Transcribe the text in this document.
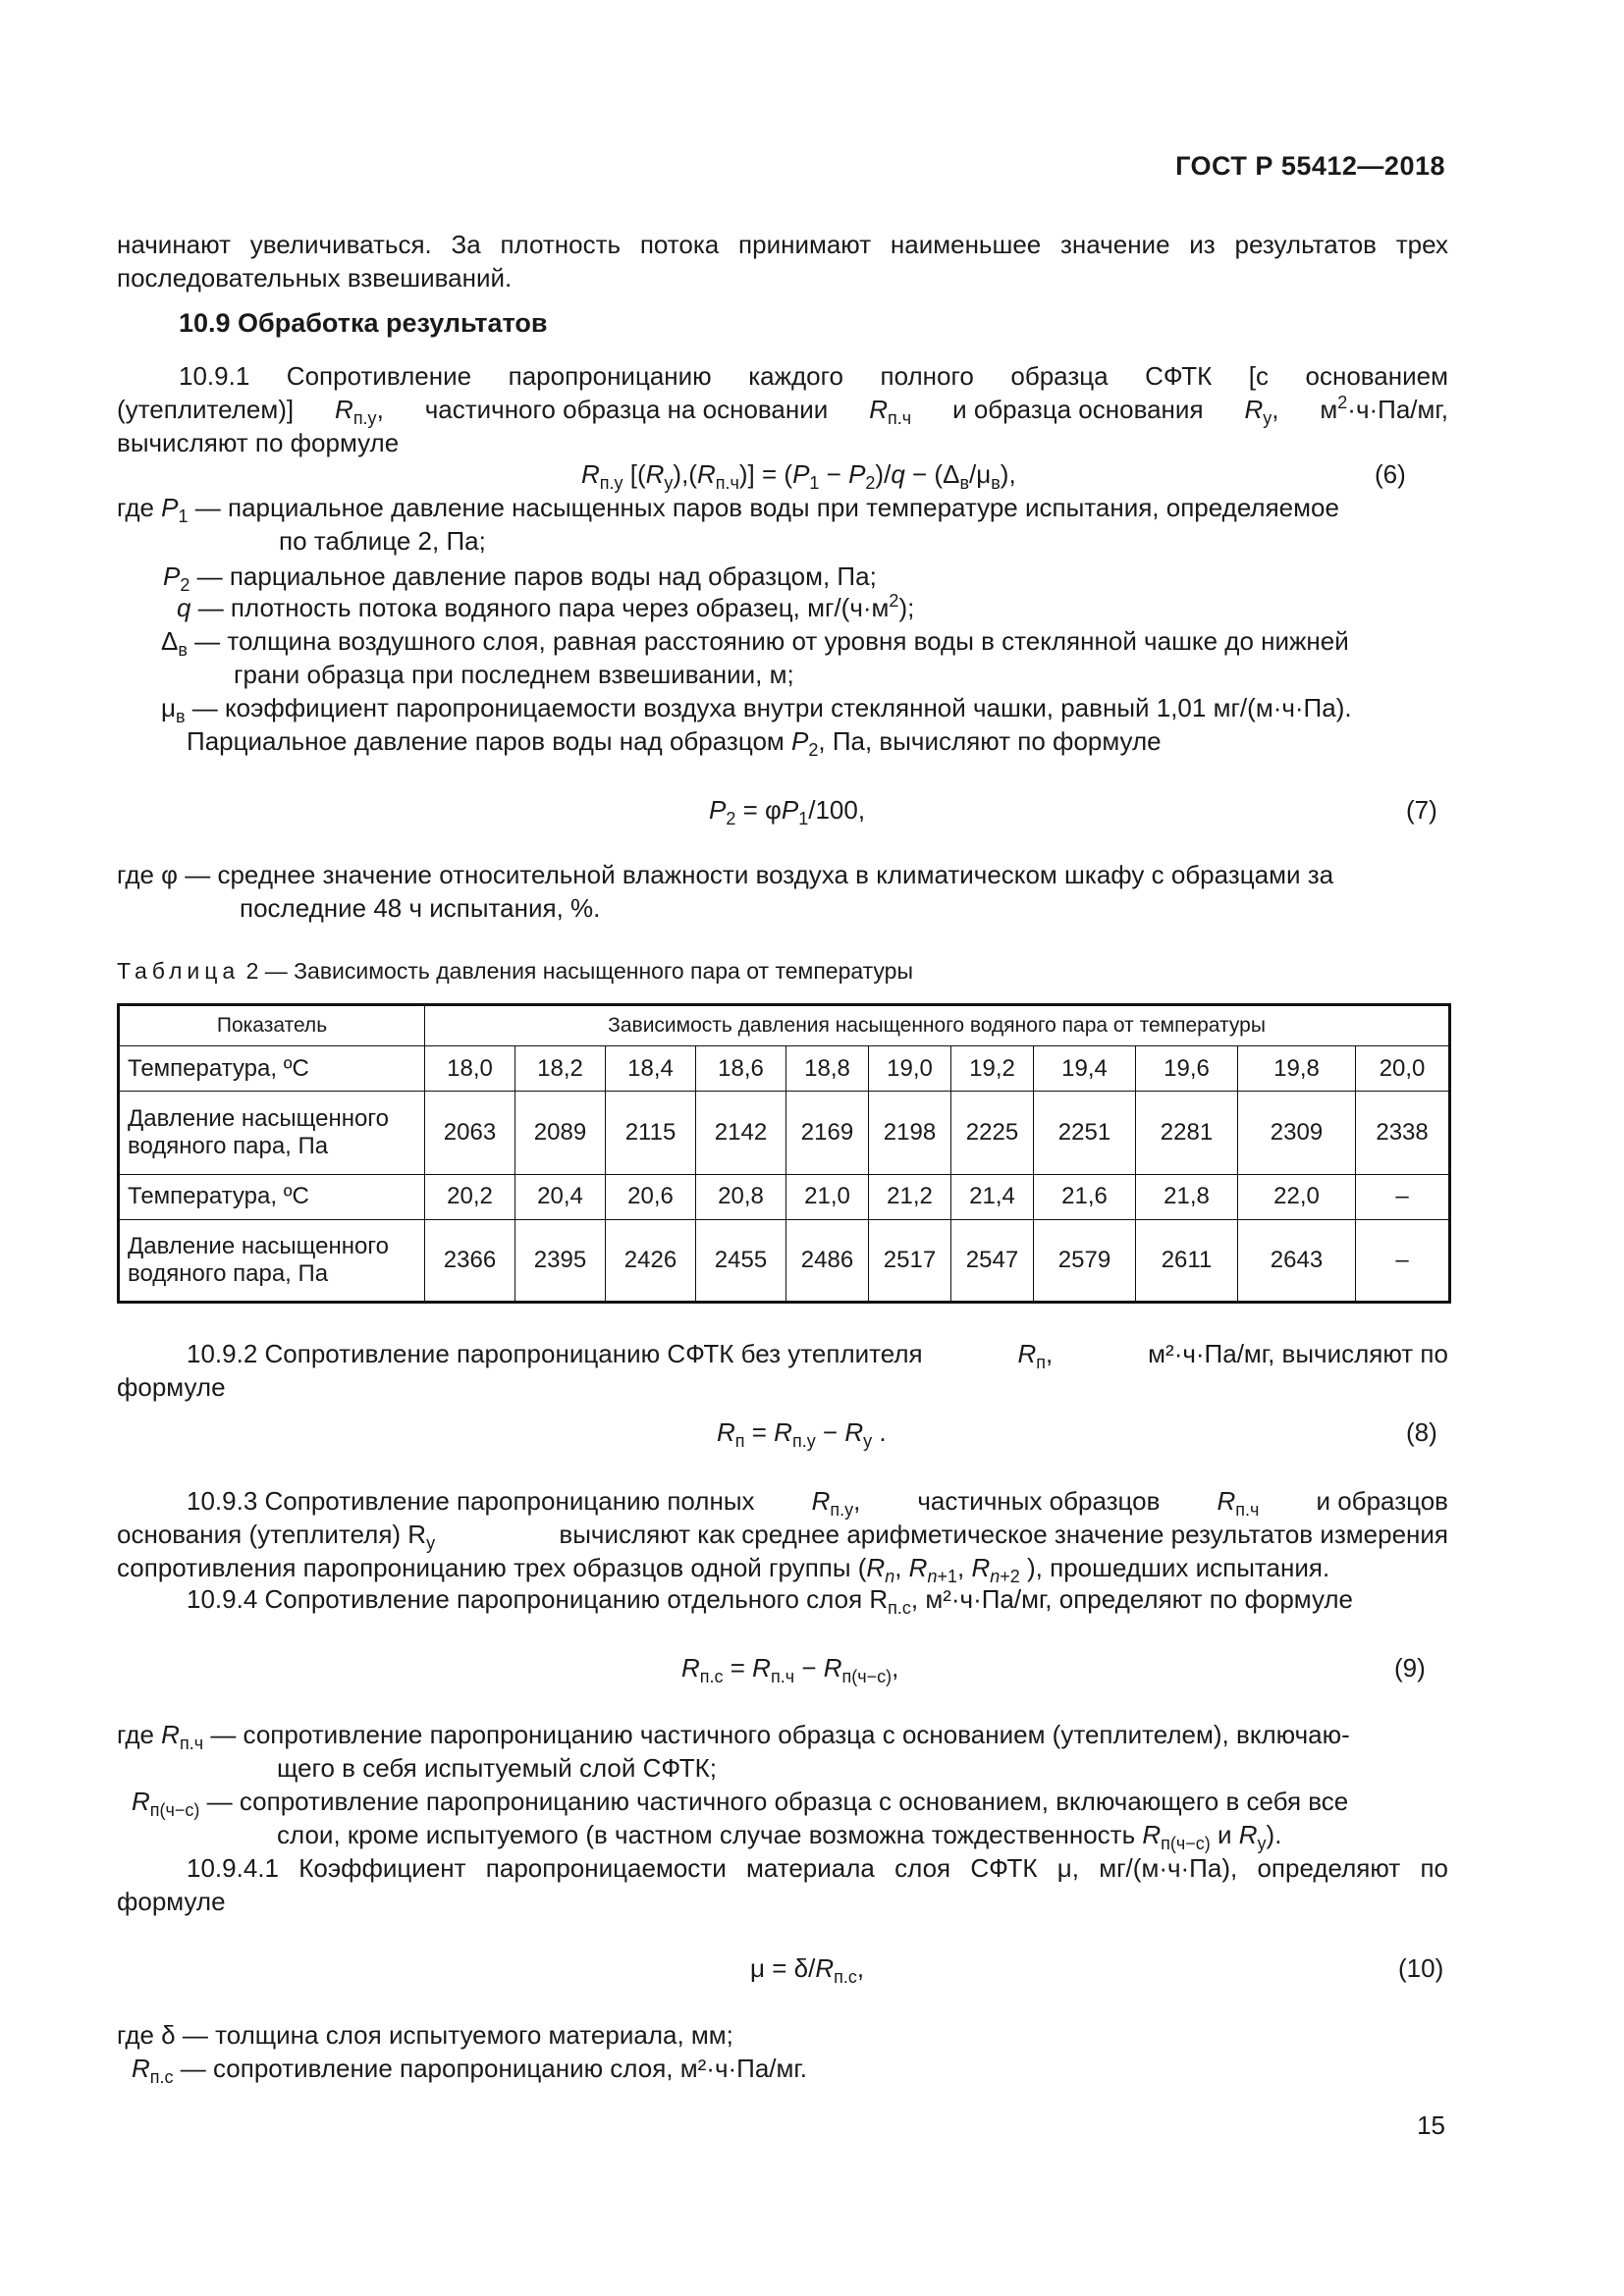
ГОСТ Р 55412—2018
начинают увеличиваться. За плотность потока принимают наименьшее значение из результатов трех
последовательных взвешиваний.
10.9 Обработка результатов
10.9.1 Сопротивление паропроницанию каждого полного образца СФТК [с основанием
(утеплителем)] $R_{п.у}$, частичного образца на основании $R_{п.ч}$ и образца основания $R_у$, $м^2\cdot ч\cdot Па/мг$,
вычисляют по формуле
$R_{п.у}$ $[(R_у),(R_{п.ч})] = (P_1 - P_2)/q - (\Delta_в/\mu_в)$,	(6)
где $P_1$ — парциальное давление насыщенных паров воды при температуре испытания, определяемое
по таблице 2, Па;
$P_2$ — парциальное давление паров воды над образцом, Па;
q — плотность потока водяного пара через образец, $мг/(ч\cdot м^2)$;
$\Delta_в$ — толщина воздушного слоя, равная расстоянию от уровня воды в стеклянной чашке до нижней
грани образца при последнем взвешивании, м;
$\mu_в$ — коэффициент паропроницаемости воздуха внутри стеклянной чашки, равный 1,01 мг/(м·ч·Па).
Парциальное давление паров воды над образцом $P_2$, Па, вычисляют по формуле
$P_2 = \varphi P_1/100$,	(7)
где φ — среднее значение относительной влажности воздуха в климатическом шкафу с образцами за
последние 48 ч испытания, %.
Таблица 2 — Зависимость давления насыщенного пара от температуры
Показатель	Зависимость давления насыщенного водяного пара от температуры										
Температура, ºС	18,0	18,2	18,4	18,6	18,8	19,0	19,2	19,4	19,6	19,8	20,0

Давление насыщенного
водяного пара, Па	2063	2089	2115	2142	2169	2198	2225	2251	2281	2309	2338
Температура, ºС	20,2	20,4	20,6	20,8	21,0	21,2	21,4	21,6	21,8	22,0	–

Давление насыщенного
водяного пара, Па	2366	2395	2426	2455	2486	2517	2547	2579	2611	2643	–
10.9.2 Сопротивление паропроницанию СФТК без утеплителя	$R_п$,	м²·ч·Па/мг, вычисляют по
формуле
$R_п = R_{п.у} - R_у$ .	(8)
10.9.3 Сопротивление паропроницанию полных $R_{п.у}$, частичных образцов $R_{п.ч}$ и образцов
основания (утеплителя) $R_у$	вычисляют как среднее арифметическое значение результатов измерения
сопротивления паропроницанию трех образцов одной группы ($R_n$, $R_{n+1}$, $R_{n+2}$ ), прошедших испытания.
10.9.4 Сопротивление паропроницанию отдельного слоя $R_{п.с}$, м²·ч·Па/мг, определяют по формуле
$R_{п.с} = R_{п.ч} - R_{п(ч-с)}$,	(9)
где $R_{п.ч}$ — сопротивление паропроницанию частичного образца с основанием (утеплителем), включаю-
щего в себя испытуемый слой СФТК;
$R_{п(ч-с)}$ — сопротивление паропроницанию частичного образца с основанием, включающего в себя все
слои, кроме испытуемого (в частном случае возможна тождественность $R_{п(ч-с)}$ и $R_у$).
10.9.4.1 Коэффициент паропроницаемости материала слоя СФТК μ, мг/(м·ч·Па), определяют по
формуле
$\mu = \delta/R_{п.с}$,	(10)
где δ — толщина слоя испытуемого материала, мм;
$R_{п.с}$ — сопротивление паропроницанию слоя, м²·ч·Па/мг.
15
